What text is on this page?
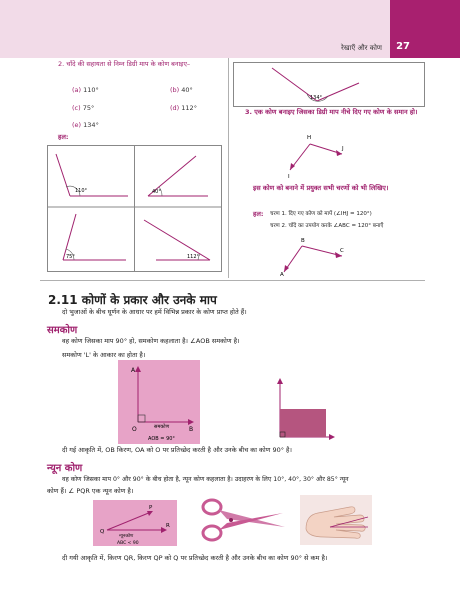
रेखाएँ और कोण 27
2. चाँदे की सहायता से निम्न डिग्री माप के कोण बनाइए–
(a) 110°	(b) 40°
(c) 75°	(d) 112°
(e) 134°
हल:
110°	40°
75°	112°
134°
3. एक कोण बनाइए जिसका डिग्री माप नीचे दिए गए कोण के समान हो।
H
I
J
इस कोण को बनाने में प्रयुक्त सभी चरणों को भी लिखिए।
हल: चरण 1. दिए गए कोण को मापें (∠IHJ = 120°)
चरण 2. चाँदे का उपयोग करके ∠ABC = 120° बनाएँ
B
A
C
2.11 कोणों के प्रकार और उनके माप
दो भुजाओं के बीच घूर्णन के आधार पर हमें विभिन्न प्रकार के कोण प्राप्त होते हैं।
समकोण
वह कोण जिसका माप 90° हो, समकोण कहलाता है। ∠AOB समकोण है।
समकोण 'L' के आकार का होता है।
A
O	B
समकोण
AOB = 90°
दी गई आकृति में, OB किरण, OA को O पर प्रतिच्छेद करती है और उनके बीच का कोण 90° है।
न्यून कोण
वह कोण जिसका माप 0° और 90° के बीच होता है, न्यून कोण कहलाता है। उदाहरण के लिए 10°, 40°, 30° और 85° न्यून
कोण हैं। ∠ PQR एक न्यून कोण है।
P
Q
R
न्यूनकोण
ABC < 90
दी गयी आकृति में, किरण QR, किरण QP को Q पर प्रतिच्छेद करती है और उनके बीच का कोण 90° से कम है।
